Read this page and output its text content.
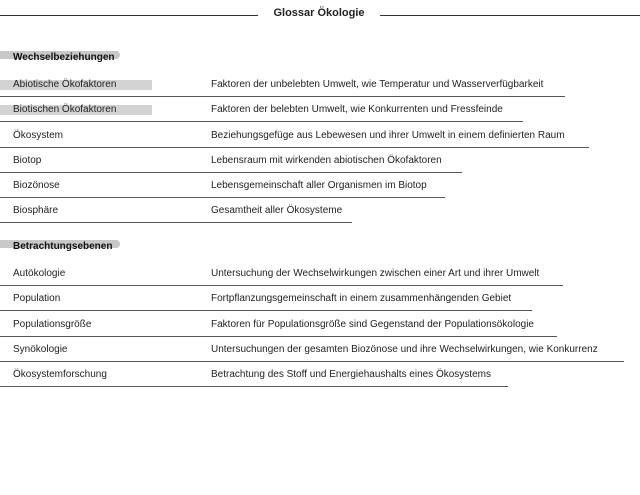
Glossar Ökologie
Wechselbeziehungen
Abiotische Ökofaktoren	Faktoren der unbelebten Umwelt, wie Temperatur und Wasserverfügbarkeit
Biotischen Ökofaktoren	Faktoren der belebten Umwelt, wie Konkurrenten und Fressfeinde
Ökosystem	Beziehungsgefüge aus Lebewesen und ihrer Umwelt in einem definierten Raum
Biotop	Lebensraum mit wirkenden abiotischen Ökofaktoren
Biozönose	Lebensgemeinschaft aller Organismen im Biotop
Biosphäre	Gesamtheit aller Ökosysteme
Betrachtungsebenen
Autökologie	Untersuchung der Wechselwirkungen zwischen einer Art und ihrer Umwelt
Population	Fortpflanzungsgemeinschaft in einem zusammenhängenden Gebiet
Populationsgröße	Faktoren für Populationsgröße sind Gegenstand der Populationsökologie
Synökologie	Untersuchungen der gesamten Biozönose und ihre Wechselwirkungen, wie Konkurrenz
Ökosystemforschung	Betrachtung des Stoff und Energiehaushalts eines Ökosystems
